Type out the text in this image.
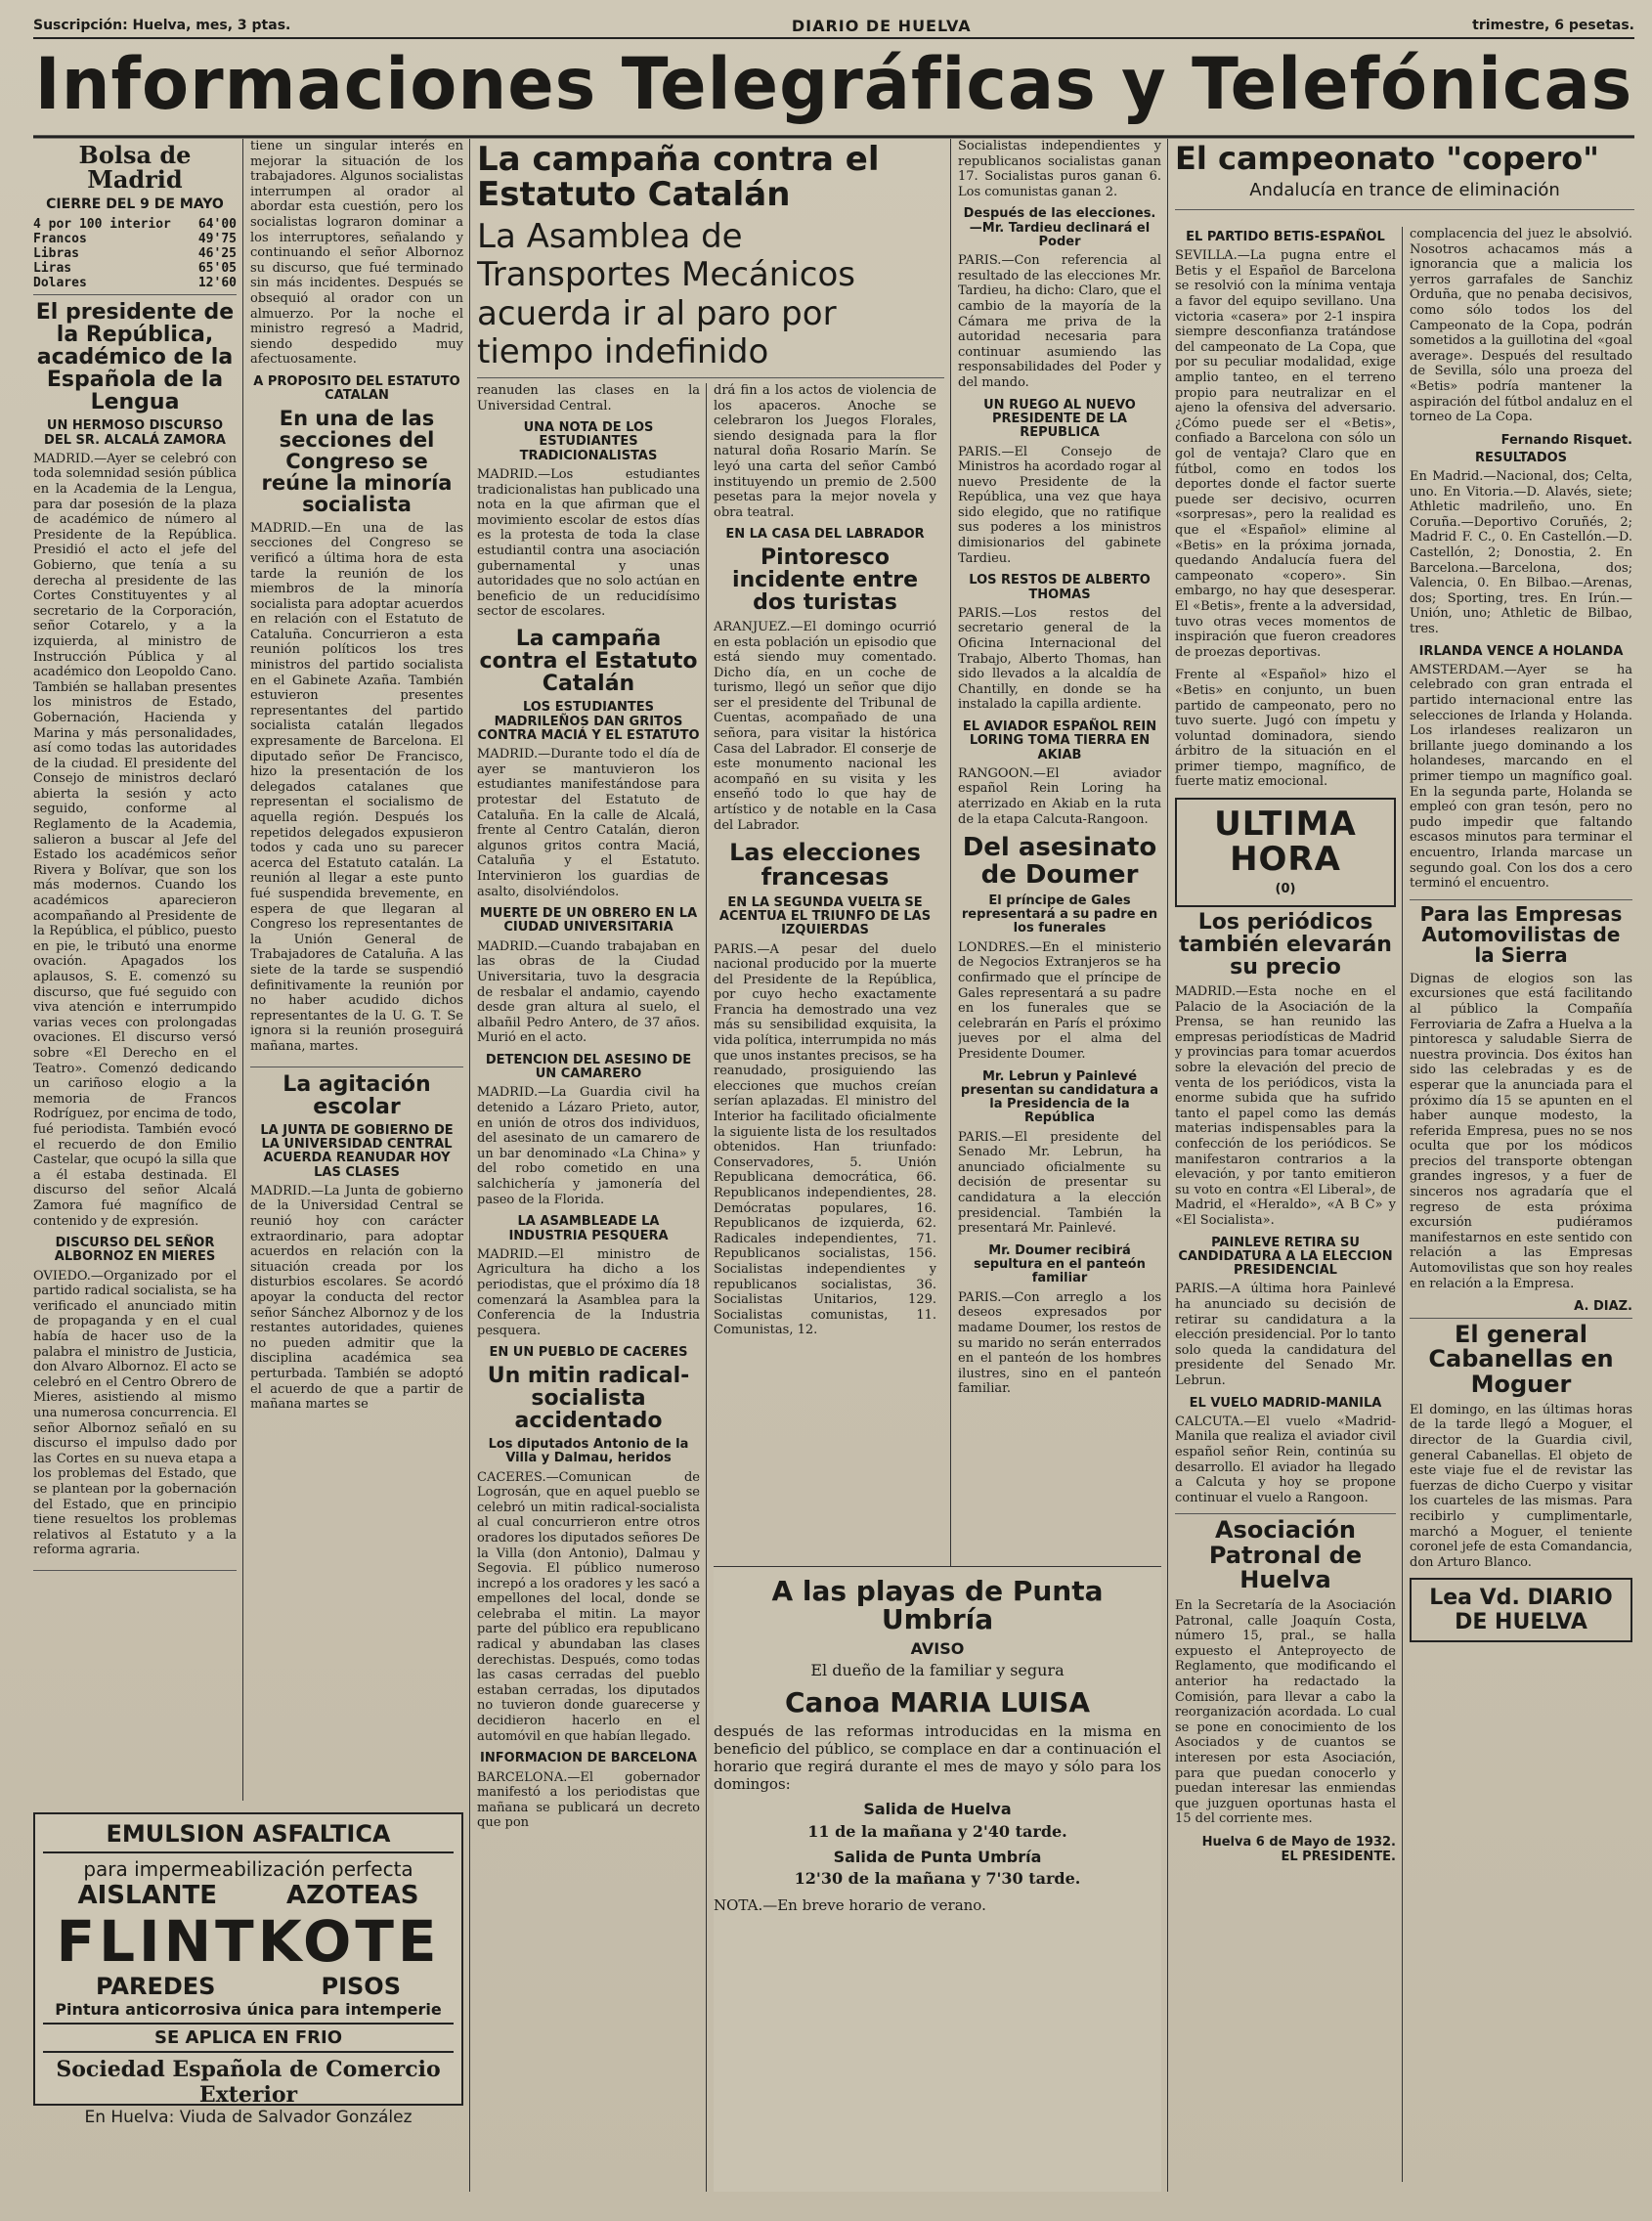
Suscripción: Huelva, mes, 3 ptas.	DIARIO DE HUELVA	trimestre, 6 pesetas.
Informaciones Telegráficas y Telefónicas
Bolsa de Madrid
CIERRE DEL 9 DE MAYO
4 por 100 interior 64'00
Francos	49'75
Libras	46'25
Liras	65'05
Dolares	12'60
El presidente de la República, académico de la Española de la Lengua
UN HERMOSO DISCURSO DEL SR. ALCALÁ ZAMORA

MADRID.—Ayer se celebró con toda solemnidad sesión pública en la Academia de la Lengua, para dar posesión de la plaza de académico de número al Presidente de la República. Presidió el acto el jefe del Gobierno, que tenía a su derecha al presidente de las Cortes Constituyentes y al secretario de la Corporación, señor Cotarelo, y a la izquierda, al ministro de Instrucción Pública y al académico don Leopoldo Cano. También se hallaban presentes los ministros de Estado, Gobernación, Hacienda y Marina y más personalidades, así como todas las autoridades de la ciudad. El presidente del Consejo de ministros declaró abierta la sesión y acto seguido, conforme al Reglamento de la Academia, salieron a buscar al Jefe del Estado los académicos señor Rivera y Bolívar, que son los más modernos. Cuando los académicos aparecieron acompañando al Presidente de la República, el público, puesto en pie, le tributó una enorme ovación. Apagados los aplausos, S. E. comenzó su discurso, que fué seguido con viva atención e interrumpido varias veces con prolongadas ovaciones. El discurso versó sobre «El Derecho en el Teatro». Comenzó dedicando un cariñoso elogio a la memoria de Francos Rodríguez, por encima de todo, fué periodista. También evocó el recuerdo de don Emilio Castelar, que ocupó la silla que a él estaba destinada. El discurso del señor Alcalá Zamora fué magnífico de contenido y de expresión.

DISCURSO DEL SEÑOR ALBORNOZ EN MIERES

OVIEDO.—Organizado por el partido radical socialista, se ha verificado el anunciado mitin de propaganda y en el cual había de hacer uso de la palabra el ministro de Justicia, don Alvaro Albornoz. El acto se celebró en el Centro Obrero de Mieres, asistiendo al mismo una numerosa concurrencia. El señor Albornoz señaló en su discurso el impulso dado por las Cortes en su nueva etapa a los problemas del Estado, que se plantean por la gobernación del Estado, que en principio tiene resueltos los problemas relativos al Estatuto y a la reforma agraria.

EMULSION ASFALTICA
para impermeabilización perfecta
AISLANTE	AZOTEAS
FLINTKOTE
PAREDES	PISOS
Pintura anticorrosiva única para intemperie
SE APLICA EN FRIO
Sociedad Española de Comercio Exterior
En Huelva: Viuda de Salvador González

tiene un singular interés en mejorar la situación de los trabajadores. Algunos socialistas interrumpen al orador al abordar esta cuestión, pero los socialistas lograron dominar a los interruptores, señalando y continuando el señor Albornoz su discurso, que fué terminado sin más incidentes. Después se obsequió al orador con un almuerzo. Por la noche el ministro regresó a Madrid, siendo despedido muy afectuosamente.

A PROPOSITO DEL ESTATUTO CATALAN
En una de las secciones del Congreso se reúne la minoría socialista

MADRID.—En una de las secciones del Congreso se verificó a última hora de esta tarde la reunión de los miembros de la minoría socialista para adoptar acuerdos en relación con el Estatuto de Cataluña. Concurrieron a esta reunión políticos los tres ministros del partido socialista en el Gabinete Azaña. También estuvieron presentes representantes del partido socialista catalán llegados expresamente de Barcelona. El diputado señor De Francisco, hizo la presentación de los delegados catalanes que representan el socialismo de aquella región. Después los repetidos delegados expusieron todos y cada uno su parecer acerca del Estatuto catalán. La reunión al llegar a este punto fué suspendida brevemente, en espera de que llegaran al Congreso los representantes de la Unión General de Trabajadores de Cataluña. A las siete de la tarde se suspendió definitivamente la reunión por no haber acudido dichos representantes de la U. G. T. Se ignora si la reunión proseguirá mañana, martes.

La agitación escolar
LA JUNTA DE GOBIERNO DE LA UNIVERSIDAD CENTRAL ACUERDA REANUDAR HOY LAS CLASES

MADRID.—La Junta de gobierno de la Universidad Central se reunió hoy con carácter extraordinario, para adoptar acuerdos en relación con la situación creada por los disturbios escolares. Se acordó apoyar la conducta del rector señor Sánchez Albornoz y de los restantes autoridades, quienes no pueden admitir que la disciplina académica sea perturbada. También se adoptó el acuerdo de que a partir de mañana martes se

La campaña contra el Estatuto Catalán
La Asamblea de Transportes Mecánicos acuerda ir al paro por tiempo indefinido

reanuden las clases en la Universidad Central.

UNA NOTA DE LOS ESTUDIANTES TRADICIONALISTAS

MADRID.—Los estudiantes tradicionalistas han publicado una nota en la que afirman que el movimiento escolar de estos días es la protesta de toda la clase estudiantil contra una asociación gubernamental y unas autoridades que no solo actúan en beneficio de un reducidísimo sector de escolares.

La campaña contra el Estatuto Catalán
LOS ESTUDIANTES MADRILEÑOS DAN GRITOS CONTRA MACIÁ Y EL ESTATUTO

MADRID.—Durante todo el día de ayer se mantuvieron los estudiantes manifestándose para protestar del Estatuto de Cataluña. En la calle de Alcalá, frente al Centro Catalán, dieron algunos gritos contra Maciá, Cataluña y el Estatuto. Intervinieron los guardias de asalto, disolviéndolos.

MUERTE DE UN OBRERO EN LA CIUDAD UNIVERSITARIA

MADRID.—Cuando trabajaban en las obras de la Ciudad Universitaria, tuvo la desgracia de resbalar el andamio, cayendo desde gran altura al suelo, el albañil Pedro Antero, de 37 años. Murió en el acto.

DETENCION DEL ASESINO DE UN CAMARERO

MADRID.—La Guardia civil ha detenido a Lázaro Prieto, autor, en unión de otros dos individuos, del asesinato de un camarero de un bar denominado «La China» y del robo cometido en una salchichería y jamonería del paseo de la Florida.

LA ASAMBLEADE LA INDUSTRIA PESQUERA

MADRID.—El ministro de Agricultura ha dicho a los periodistas, que el próximo día 18 comenzará la Asamblea para la Conferencia de la Industria pesquera.

EN UN PUEBLO DE CACERES
Un mitin radical-socialista accidentado
Los diputados Antonio de la Villa y Dalmau, heridos

CACERES.—Comunican de Logrosán, que en aquel pueblo se celebró un mitin radical-socialista al cual concurrieron entre otros oradores los diputados señores De la Villa (don Antonio), Dalmau y Segovia. El público numeroso increpó a los oradores y les sacó a empellones del local, donde se celebraba el mitin. La mayor parte del público era republicano radical y abundaban las clases derechistas. Después, como todas las casas cerradas del pueblo estaban cerradas, los diputados no tuvieron donde guarecerse y decidieron hacerlo en el automóvil en que habían llegado.

INFORMACION DE BARCELONA

BARCELONA.—El gobernador manifestó a los periodistas que mañana se publicará un decreto que pon

drá fin a los actos de violencia de los apaceros. Anoche se celebraron los Juegos Florales, siendo designada para la flor natural doña Rosario Marín. Se leyó una carta del señor Cambó instituyendo un premio de 2.500 pesetas para la mejor novela y obra teatral.

EN LA CASA DEL LABRADOR
Pintoresco incidente entre dos turistas

ARANJUEZ.—El domingo ocurrió en esta población un episodio que está siendo muy comentado. Dicho día, en un coche de turismo, llegó un señor que dijo ser el presidente del Tribunal de Cuentas, acompañado de una señora, para visitar la histórica Casa del Labrador. El conserje de este monumento nacional les acompañó en su visita y les enseñó todo lo que hay de artístico y de notable en la Casa del Labrador.

Las elecciones francesas
EN LA SEGUNDA VUELTA SE ACENTUA EL TRIUNFO DE LAS IZQUIERDAS

PARIS.—A pesar del duelo nacional producido por la muerte del Presidente de la República, por cuyo hecho exactamente Francia ha demostrado una vez más su sensibilidad exquisita, la vida política, interrumpida no más que unos instantes precisos, se ha reanudado, prosiguiendo las elecciones que muchos creían serían aplazadas. El ministro del Interior ha facilitado oficialmente la siguiente lista de los resultados obtenidos. Han triunfado: Conservadores, 5. Unión Republicana democrática, 66. Republicanos independientes, 28. Demócratas populares, 16. Republicanos de izquierda, 62. Radicales independientes, 71. Republicanos socialistas, 156. Socialistas independientes y republicanos socialistas, 36. Socialistas Unitarios, 129. Socialistas comunistas, 11. Comunistas, 12.

Socialistas independientes y republicanos socialistas ganan 17. Socialistas puros ganan 6. Los comunistas ganan 2.

Después de las elecciones.—Mr. Tardieu declinará el Poder

PARIS.—Con referencia al resultado de las elecciones Mr. Tardieu, ha dicho: Claro, que el cambio de la mayoría de la Cámara me priva de la autoridad necesaria para continuar asumiendo las responsabilidades del Poder y del mando.

UN RUEGO AL NUEVO PRESIDENTE DE LA REPUBLICA

PARIS.—El Consejo de Ministros ha acordado rogar al nuevo Presidente de la República, una vez que haya sido elegido, que no ratifique sus poderes a los ministros dimisionarios del gabinete Tardieu.

LOS RESTOS DE ALBERTO THOMAS

PARIS.—Los restos del secretario general de la Oficina Internacional del Trabajo, Alberto Thomas, han sido llevados a la alcaldía de Chantilly, en donde se ha instalado la capilla ardiente.

EL AVIADOR ESPAÑOL REIN LORING TOMA TIERRA EN AKIAB

RANGOON.—El aviador español Rein Loring ha aterrizado en Akiab en la ruta de la etapa Calcuta-Rangoon.

Del asesinato de Doumer
El príncipe de Gales representará a su padre en los funerales

LONDRES.—En el ministerio de Negocios Extranjeros se ha confirmado que el príncipe de Gales representará a su padre en los funerales que se celebrarán en París el próximo jueves por el alma del Presidente Doumer.

Mr. Lebrun y Painlevé presentan su candidatura a la Presidencia de la República

PARIS.—El presidente del Senado Mr. Lebrun, ha anunciado oficialmente su decisión de presentar su candidatura a la elección presidencial. También la presentará Mr. Painlevé.

Mr. Doumer recibirá sepultura en el panteón familiar

PARIS.—Con arreglo a los deseos expresados por madame Doumer, los restos de su marido no serán enterrados en el panteón de los hombres ilustres, sino en el panteón familiar.

A las playas de Punta Umbría
AVISO

El dueño de la familiar y segura

Canoa MARIA LUISA

después de las reformas introducidas en la misma en beneficio del público, se complace en dar a continuación el horario que regirá durante el mes de mayo y sólo para los domingos:

Salida de Huelva

11 de la mañana y 2'40 tarde.

Salida de Punta Umbría

12'30 de la mañana y 7'30 tarde.

NOTA.—En breve horario de verano.

El campeonato "copero"
Andalucía en trance de eliminación
EL PARTIDO BETIS-ESPAÑOL

SEVILLA.—La pugna entre el Betis y el Español de Barcelona se resolvió con la mínima ventaja a favor del equipo sevillano. Una victoria «casera» por 2-1 inspira siempre desconfianza tratándose del campeonato de La Copa, que por su peculiar modalidad, exige amplio tanteo, en el terreno propio para neutralizar en el ajeno la ofensiva del adversario. ¿Cómo puede ser el «Betis», confiado a Barcelona con sólo un gol de ventaja? Claro que en fútbol, como en todos los deportes donde el factor suerte puede ser decisivo, ocurren «sorpresas», pero la realidad es que el «Español» elimine al «Betis» en la próxima jornada, quedando Andalucía fuera del campeonato «copero». Sin embargo, no hay que desesperar. El «Betis», frente a la adversidad, tuvo otras veces momentos de inspiración que fueron creadores de proezas deportivas.

Frente al «Español» hizo el «Betis» en conjunto, un buen partido de campeonato, pero no tuvo suerte. Jugó con ímpetu y voluntad dominadora, siendo árbitro de la situación en el primer tiempo, magnífico, de fuerte matiz emocional.

ULTIMA HORA
(0)
Los periódicos también elevarán su precio

MADRID.—Esta noche en el Palacio de la Asociación de la Prensa, se han reunido las empresas periodísticas de Madrid y provincias para tomar acuerdos sobre la elevación del precio de venta de los periódicos, vista la enorme subida que ha sufrido tanto el papel como las demás materias indispensables para la confección de los periódicos. Se manifestaron contrarios a la elevación, y por tanto emitieron su voto en contra «El Liberal», de Madrid, el «Heraldo», «A B C» y «El Socialista».

PAINLEVE RETIRA SU CANDIDATURA A LA ELECCION PRESIDENCIAL

PARIS.—A última hora Painlevé ha anunciado su decisión de retirar su candidatura a la elección presidencial. Por lo tanto solo queda la candidatura del presidente del Senado Mr. Lebrun.

EL VUELO MADRID-MANILA

CALCUTA.—El vuelo «Madrid-Manila que realiza el aviador civil español señor Rein, continúa su desarrollo. El aviador ha llegado a Calcuta y hoy se propone continuar el vuelo a Rangoon.

Asociación Patronal de Huelva

En la Secretaría de la Asociación Patronal, calle Joaquín Costa, número 15, pral., se halla expuesto el Anteproyecto de Reglamento, que modificando el anterior ha redactado la Comisión, para llevar a cabo la reorganización acordada. Lo cual se pone en conocimiento de los Asociados y de cuantos se interesen por esta Asociación, para que puedan conocerlo y puedan interesar las enmiendas que juzguen oportunas hasta el 15 del corriente mes.

Huelva 6 de Mayo de 1932.
EL PRESIDENTE.

complacencia del juez le absolvió. Nosotros achacamos más a ignorancia que a malicia los yerros garrafales de Sanchiz Orduña, que no penaba decisivos, como sólo todos los del Campeonato de la Copa, podrán sometidos a la guillotina del «goal average». Después del resultado de Sevilla, sólo una proeza del «Betis» podría mantener la aspiración del fútbol andaluz en el torneo de La Copa.

Fernando Risquet.
RESULTADOS

En Madrid.—Nacional, dos; Celta, uno. En Vitoria.—D. Alavés, siete; Athletic madrileño, uno. En Coruña.—Deportivo Coruñés, 2; Madrid F. C., 0. En Castellón.—D. Castellón, 2; Donostia, 2. En Barcelona.—Barcelona, dos; Valencia, 0. En Bilbao.—Arenas, dos; Sporting, tres. En Irún.—Unión, uno; Athletic de Bilbao, tres.

IRLANDA VENCE A HOLANDA

AMSTERDAM.—Ayer se ha celebrado con gran entrada el partido internacional entre las selecciones de Irlanda y Holanda. Los irlandeses realizaron un brillante juego dominando a los holandeses, marcando en el primer tiempo un magnífico goal. En la segunda parte, Holanda se empleó con gran tesón, pero no pudo impedir que faltando escasos minutos para terminar el encuentro, Irlanda marcase un segundo goal. Con los dos a cero terminó el encuentro.

Para las Empresas Automovilistas de la Sierra

Dignas de elogios son las excursiones que está facilitando al público la Compañía Ferroviaria de Zafra a Huelva a la pintoresca y saludable Sierra de nuestra provincia. Dos éxitos han sido las celebradas y es de esperar que la anunciada para el próximo día 15 se apunten en el haber aunque modesto, la referida Empresa, pues no se nos oculta que por los módicos precios del transporte obtengan grandes ingresos, y a fuer de sinceros nos agradaría que el regreso de esta próxima excursión pudiéramos manifestarnos en este sentido con relación a las Empresas Automovilistas que son hoy reales en relación a la Empresa.

A. DIAZ.
El general Cabanellas en Moguer

El domingo, en las últimas horas de la tarde llegó a Moguer, el director de la Guardia civil, general Cabanellas. El objeto de este viaje fue el de revistar las fuerzas de dicho Cuerpo y visitar los cuarteles de las mismas. Para recibirlo y cumplimentarle, marchó a Moguer, el teniente coronel jefe de esta Comandancia, don Arturo Blanco.

Lea Vd. DIARIO DE HUELVA
